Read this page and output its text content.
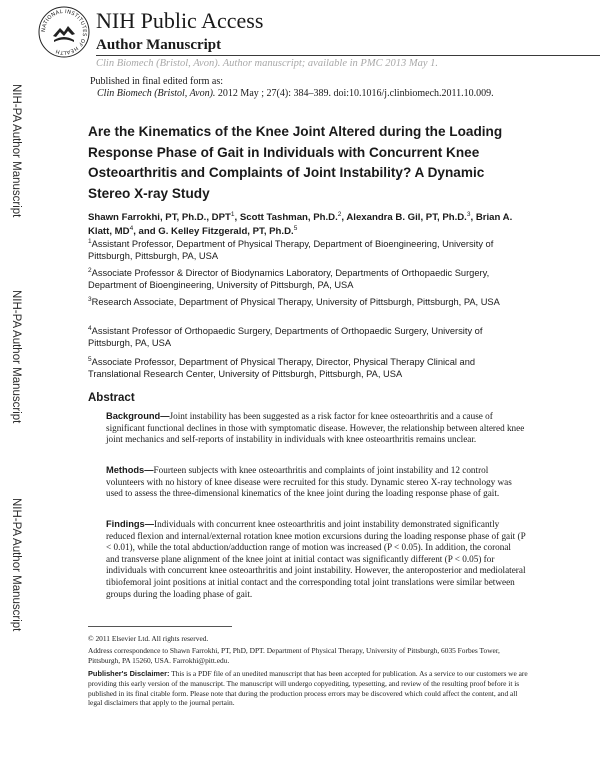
NATIONAL INSTITUTES OF HEALTH
NIH Public Access
Author Manuscript
Clin Biomech (Bristol, Avon). Author manuscript; available in PMC 2013 May 1.
Published in final edited form as:
Clin Biomech (Bristol, Avon). 2012 May ; 27(4): 384–389. doi:10.1016/j.clinbiomech.2011.10.009.
NIH-PA Author Manuscript
NIH-PA Author Manuscript
NIH-PA Author Manuscript
Are the Kinematics of the Knee Joint Altered during the Loading Response Phase of Gait in Individuals with Concurrent Knee Osteoarthritis and Complaints of Joint Instability? A Dynamic Stereo X-ray Study
Shawn Farrokhi, PT, Ph.D., DPT$^1$, Scott Tashman, Ph.D.$^2$, Alexandra B. Gil, PT, Ph.D.$^3$, Brian A. Klatt, $MD^4$, and G. Kelley Fitzgerald, PT, Ph.D.$^5$
$^1$Assistant Professor, Department of Physical Therapy, Department of Bioengineering, University of Pittsburgh, Pittsburgh, PA, USA
$^2$Associate Professor & Director of Biodynamics Laboratory, Departments of Orthopaedic Surgery, Department of Bioengineering, University of Pittsburgh, PA, USA
$^3$Research Associate, Department of Physical Therapy, University of Pittsburgh, Pittsburgh, PA, USA
$^4$Assistant Professor of Orthopaedic Surgery, Departments of Orthopaedic Surgery, University of Pittsburgh, PA, USA
$^5$Associate Professor, Department of Physical Therapy, Director, Physical Therapy Clinical and Translational Research Center, University of Pittsburgh, Pittsburgh, PA, USA
Abstract
Background—Joint instability has been suggested as a risk factor for knee osteoarthritis and a cause of significant functional declines in those with symptomatic disease. However, the relationship between altered knee joint mechanics and self-reports of instability in individuals with knee osteoarthritis remains unclear.
Methods—Fourteen subjects with knee osteoarthritis and complaints of joint instability and 12 control volunteers with no history of knee disease were recruited for this study. Dynamic stereo X-ray technology was used to assess the three-dimensional kinematics of the knee joint during the loading response phase of gait.
Findings—Individuals with concurrent knee osteoarthritis and joint instability demonstrated significantly reduced flexion and internal/external rotation knee motion excursions during the loading response phase of gait (P < 0.01), while the total abduction/adduction range of motion was increased (P < 0.05). In addition, the coronal and transverse plane alignment of the knee joint at initial contact was significantly different (P < 0.05) for individuals with concurrent knee osteoarthritis and joint instability. However, the anteroposterior and mediolateral tibiofemoral joint positions at initial contact and the corresponding total joint translations were similar between groups during the loading phase of gait.
© 2011 Elsevier Ltd. All rights reserved.
Address correspondence to Shawn Farrokhi, PT, PhD, DPT. Department of Physical Therapy, University of Pittsburgh, 6035 Forbes Tower, Pittsburgh, PA 15260, USA. Farrokhi@pitt.edu.
Publisher's Disclaimer: This is a PDF file of an unedited manuscript that has been accepted for publication. As a service to our customers we are providing this early version of the manuscript. The manuscript will undergo copyediting, typesetting, and review of the resulting proof before it is published in its final citable form. Please note that during the production process errors may be discovered which could affect the content, and all legal disclaimers that apply to the journal pertain.
